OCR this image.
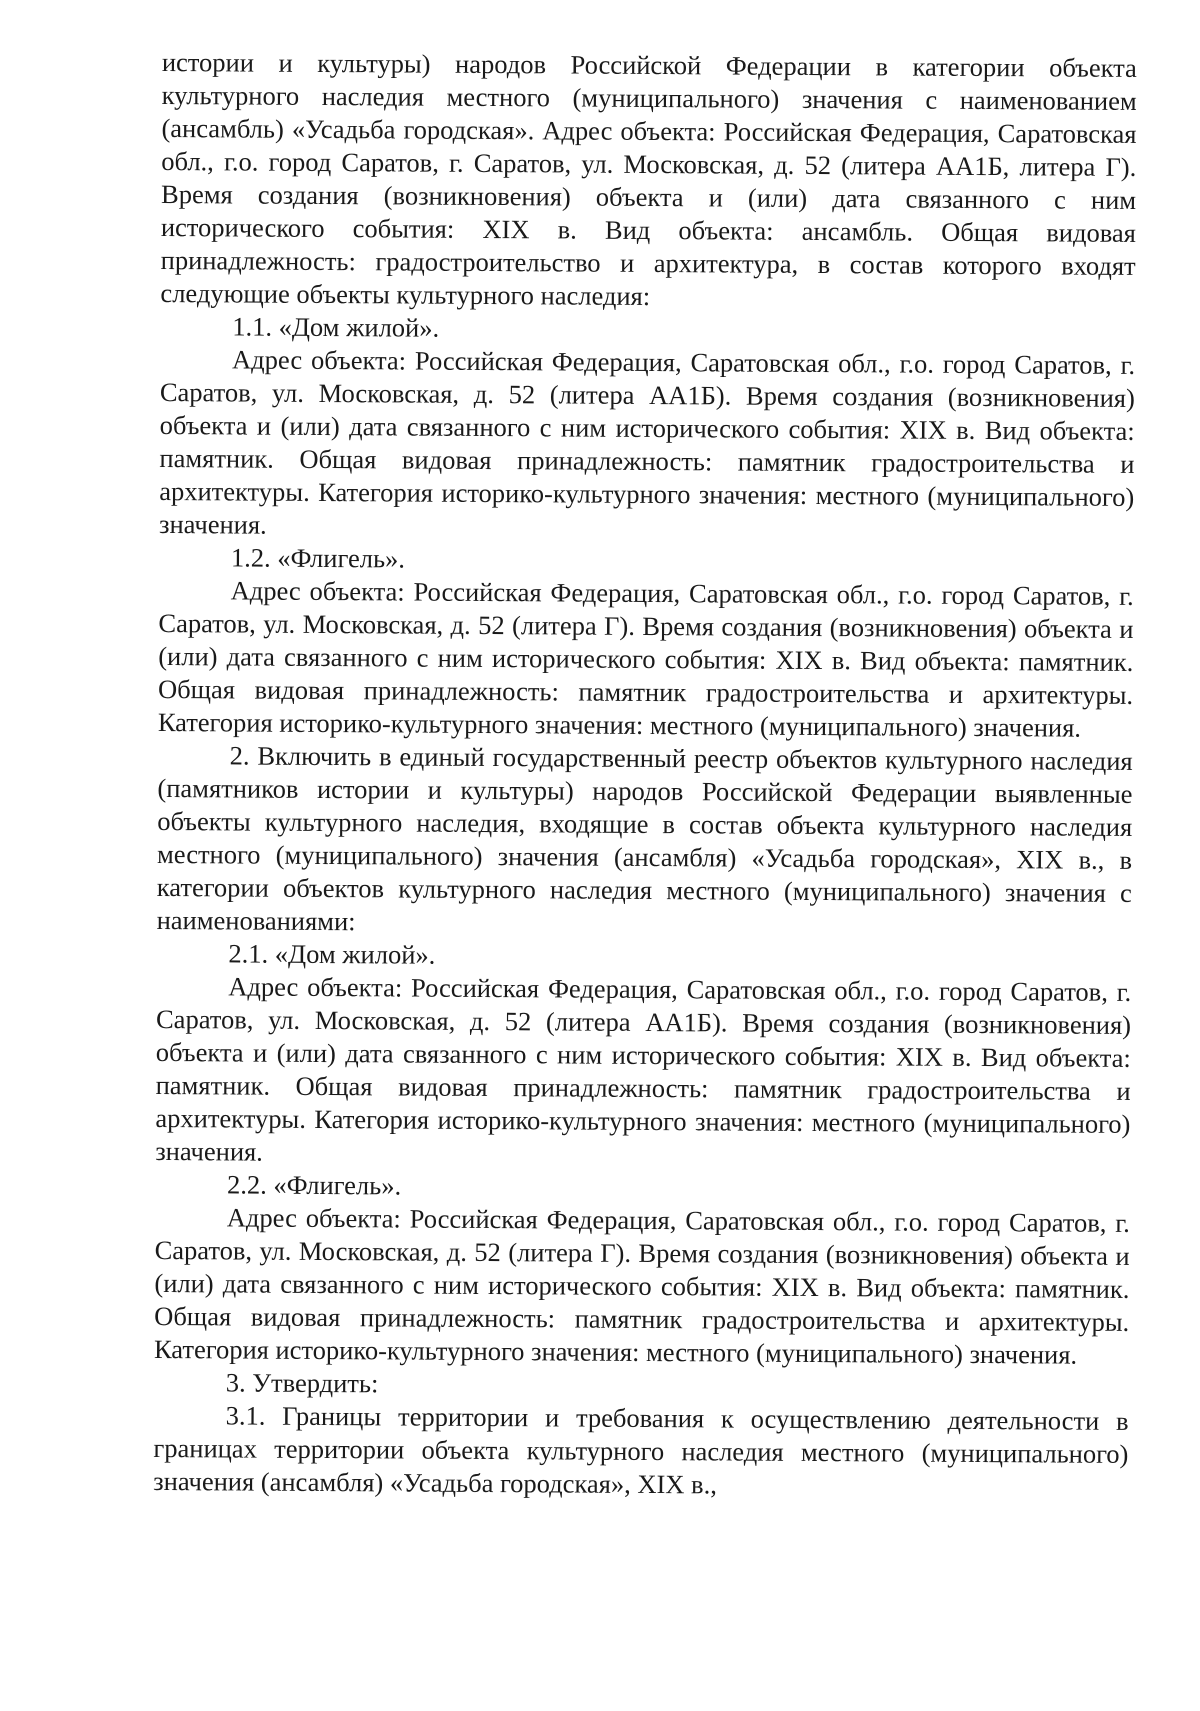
истории и культуры) народов Российской Федерации в категории объекта культурного наследия местного (муниципального) значения с наименованием (ансамбль) «Усадьба городская». Адрес объекта: Российская Федерация, Саратовская обл., г.о. город Саратов, г. Саратов, ул. Московская, д. 52 (литера АА1Б, литера Г). Время создания (возникновения) объекта и (или) дата связанного с ним исторического события: XIX в. Вид объекта: ансамбль. Общая видовая принадлежность: градостроительство и архитектура, в состав которого входят следующие объекты культурного наследия:

1.1. «Дом жилой».

Адрес объекта: Российская Федерация, Саратовская обл., г.о. город Саратов, г. Саратов, ул. Московская, д. 52 (литера АА1Б). Время создания (возникновения) объекта и (или) дата связанного с ним исторического события: XIX в. Вид объекта: памятник. Общая видовая принадлежность: памятник градостроительства и архитектуры. Категория историко-культурного значения: местного (муниципального) значения.

1.2. «Флигель».

Адрес объекта: Российская Федерация, Саратовская обл., г.о. город Саратов, г. Саратов, ул. Московская, д. 52 (литера Г). Время создания (возникновения) объекта и (или) дата связанного с ним исторического события: XIX в. Вид объекта: памятник. Общая видовая принадлежность: памятник градостроительства и архитектуры. Категория историко-культурного значения: местного (муниципального) значения.

2. Включить в единый государственный реестр объектов культурного наследия (памятников истории и культуры) народов Российской Федерации выявленные объекты культурного наследия, входящие в состав объекта культурного наследия местного (муниципального) значения (ансамбля) «Усадьба городская», XIX в., в категории объектов культурного наследия местного (муниципального) значения с наименованиями:

2.1. «Дом жилой».

Адрес объекта: Российская Федерация, Саратовская обл., г.о. город Саратов, г. Саратов, ул. Московская, д. 52 (литера АА1Б). Время создания (возникновения) объекта и (или) дата связанного с ним исторического события: XIX в. Вид объекта: памятник. Общая видовая принадлежность: памятник градостроительства и архитектуры. Категория историко-культурного значения: местного (муниципального) значения.

2.2. «Флигель».

Адрес объекта: Российская Федерация, Саратовская обл., г.о. город Саратов, г. Саратов, ул. Московская, д. 52 (литера Г). Время создания (возникновения) объекта и (или) дата связанного с ним исторического события: XIX в. Вид объекта: памятник. Общая видовая принадлежность: памятник градостроительства и архитектуры. Категория историко-культурного значения: местного (муниципального) значения.

3. Утвердить:

3.1. Границы территории и требования к осуществлению деятельности в границах территории объекта культурного наследия местного (муниципального) значения (ансамбля) «Усадьба городская», XIX в.,
